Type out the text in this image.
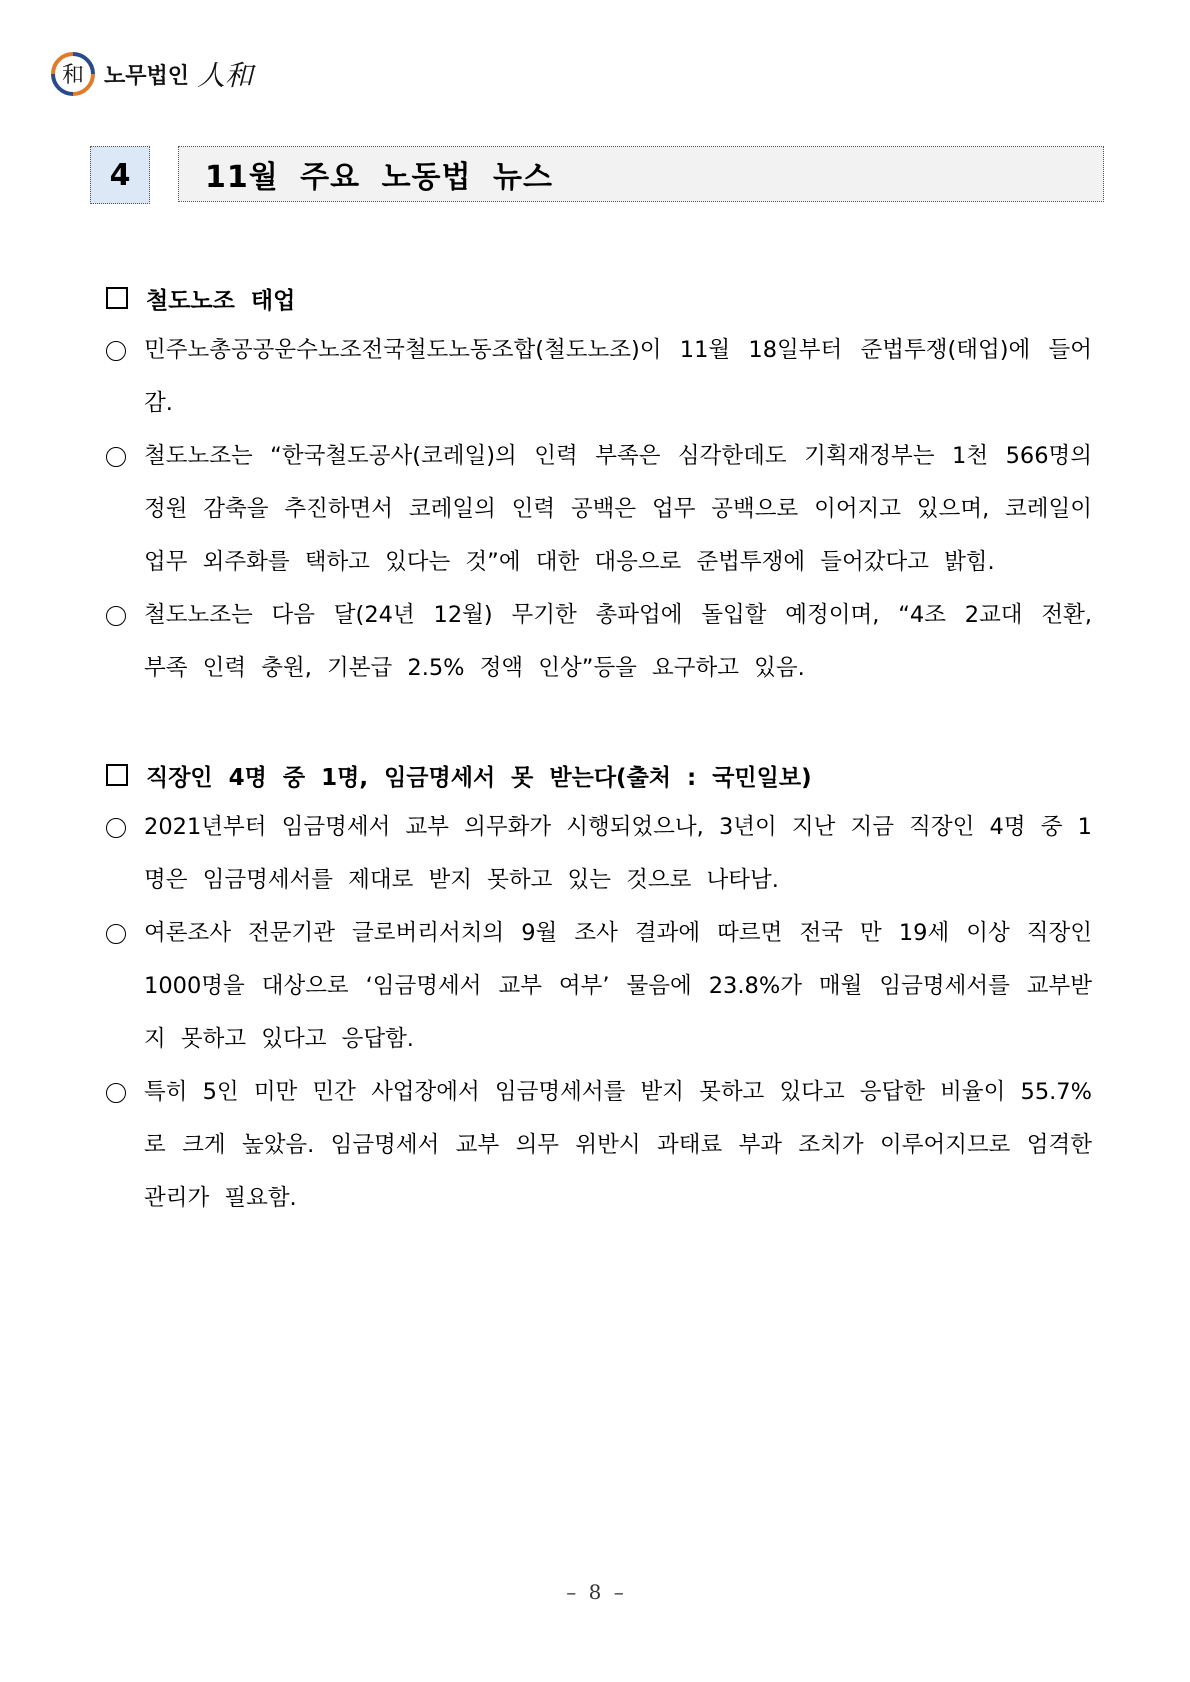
和 노무법인 人和
4	11월 주요 노동법 뉴스
철도노조 태업
민주노총공공운수노조전국철도노동조합(철도노조)이 11월 18일부터 준법투쟁(태업)에 들어감.
철도노조는 “한국철도공사(코레일)의 인력 부족은 심각한데도 기획재정부는 1천 566명의 정원 감축을 추진하면서 코레일의 인력 공백은 업무 공백으로 이어지고 있으며, 코레일이 업무 외주화를 택하고 있다는 것”에 대한 대응으로 준법투쟁에 들어갔다고 밝힘.
철도노조는 다음 달(24년 12월) 무기한 총파업에 돌입할 예정이며, “4조 2교대 전환, 부족 인력 충원, 기본급 2.5% 정액 인상”등을 요구하고 있음.
직장인 4명 중 1명, 임금명세서 못 받는다(출처 : 국민일보)
2021년부터 임금명세서 교부 의무화가 시행되었으나, 3년이 지난 지금 직장인 4명 중 1명은 임금명세서를 제대로 받지 못하고 있는 것으로 나타남.
여론조사 전문기관 글로버리서치의 9월 조사 결과에 따르면 전국 만 19세 이상 직장인 1000명을 대상으로 ‘임금명세서 교부 여부’ 물음에 23.8%가 매월 임금명세서를 교부받지 못하고 있다고 응답함.
특히 5인 미만 민간 사업장에서 임금명세서를 받지 못하고 있다고 응답한 비율이 55.7%로 크게 높았음. 임금명세서 교부 의무 위반시 과태료 부과 조치가 이루어지므로 엄격한 관리가 필요함.
– 8 –
